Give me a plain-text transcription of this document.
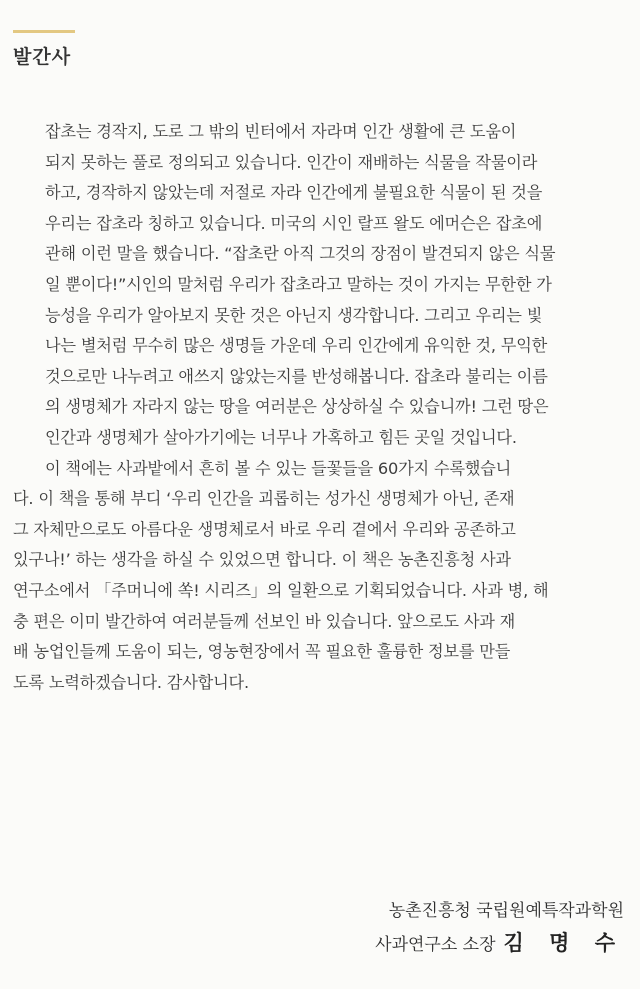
발간사

잡초는 경작지, 도로 그 밖의 빈터에서 자라며 인간 생활에 큰 도움이
되지 못하는 풀로 정의되고 있습니다. 인간이 재배하는 식물을 작물이라
하고, 경작하지 않았는데 저절로 자라 인간에게 불필요한 식물이 된 것을
우리는 잡초라 칭하고 있습니다. 미국의 시인 랄프 왈도 에머슨은 잡초에
관해 이런 말을 했습니다. “잡초란 아직 그것의 장점이 발견되지 않은 식물
일 뿐이다!”시인의 말처럼 우리가 잡초라고 말하는 것이 가지는 무한한 가
능성을 우리가 알아보지 못한 것은 아닌지 생각합니다. 그리고 우리는 빛
나는 별처럼 무수히 많은 생명들 가운데 우리 인간에게 유익한 것, 무익한
것으로만 나누려고 애쓰지 않았는지를 반성해봅니다. 잡초라 불리는 이름
의 생명체가 자라지 않는 땅을 여러분은 상상하실 수 있습니까! 그런 땅은
인간과 생명체가 살아가기에는 너무나 가혹하고 힘든 곳일 것입니다.

이 책에는 사과밭에서 흔히 볼 수 있는 들꽃들을 60가지 수록했습니
다. 이 책을 통해 부디 ‘우리 인간을 괴롭히는 성가신 생명체가 아닌, 존재
그 자체만으로도 아름다운 생명체로서 바로 우리 곁에서 우리와 공존하고
있구나!’ 하는 생각을 하실 수 있었으면 합니다. 이 책은 농촌진흥청 사과
연구소에서 「주머니에 쏙! 시리즈」의 일환으로 기획되었습니다. 사과 병, 해
충 편은 이미 발간하여 여러분들께 선보인 바 있습니다. 앞으로도 사과 재
배 농업인들께 도움이 되는, 영농현장에서 꼭 필요한 훌륭한 정보를 만들
도록 노력하겠습니다. 감사합니다.

농촌진흥청 국립원예특작과학원
사과연구소 소장 김 명 수
